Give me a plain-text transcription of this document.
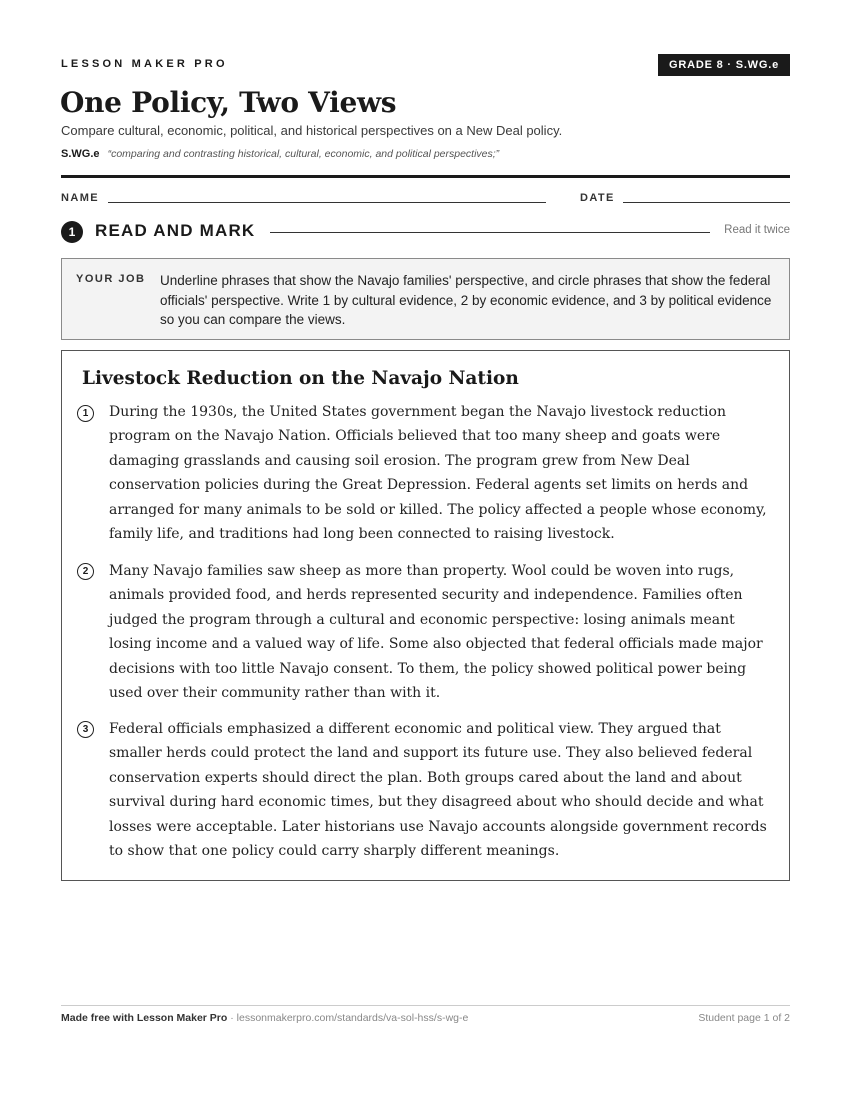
LESSON MAKER PRO	GRADE 8 · S.WG.e
One Policy, Two Views

Compare cultural, economic, political, and historical perspectives on a New Deal policy.

S.WG.e “comparing and contrasting historical, cultural, economic, and political perspectives;”
NAME	DATE
1	READ AND MARK	Read it twice
YOUR JOB Underline phrases that show the Navajo families' perspective, and circle phrases that show the federal officials' perspective. Write 1 by cultural evidence, 2 by economic evidence, and 3 by political evidence so you can compare the views.
Livestock Reduction on the Navajo Nation
1	During the 1930s, the United States government began the Navajo livestock reduction program on the Navajo Nation. Officials believed that too many sheep and goats were damaging grasslands and causing soil erosion. The program grew from New Deal conservation policies during the Great Depression. Federal agents set limits on herds and arranged for many animals to be sold or killed. The policy affected a people whose economy, family life, and traditions had long been connected to raising livestock.

2	Many Navajo families saw sheep as more than property. Wool could be woven into rugs, animals provided food, and herds represented security and independence. Families often judged the program through a cultural and economic perspective: losing animals meant losing income and a valued way of life. Some also objected that federal officials made major decisions with too little Navajo consent. To them, the policy showed political power being used over their community rather than with it.

3	Federal officials emphasized a different economic and political view. They argued that smaller herds could protect the land and support its future use. They also believed federal conservation experts should direct the plan. Both groups cared about the land and about survival during hard economic times, but they disagreed about who should decide and what losses were acceptable. Later historians use Navajo accounts alongside government records to show that one policy could carry sharply different meanings.

Made free with Lesson Maker Pro · lessonmakerpro.com/standards/va-sol-hss/s-wg-e	Student page 1 of 2
